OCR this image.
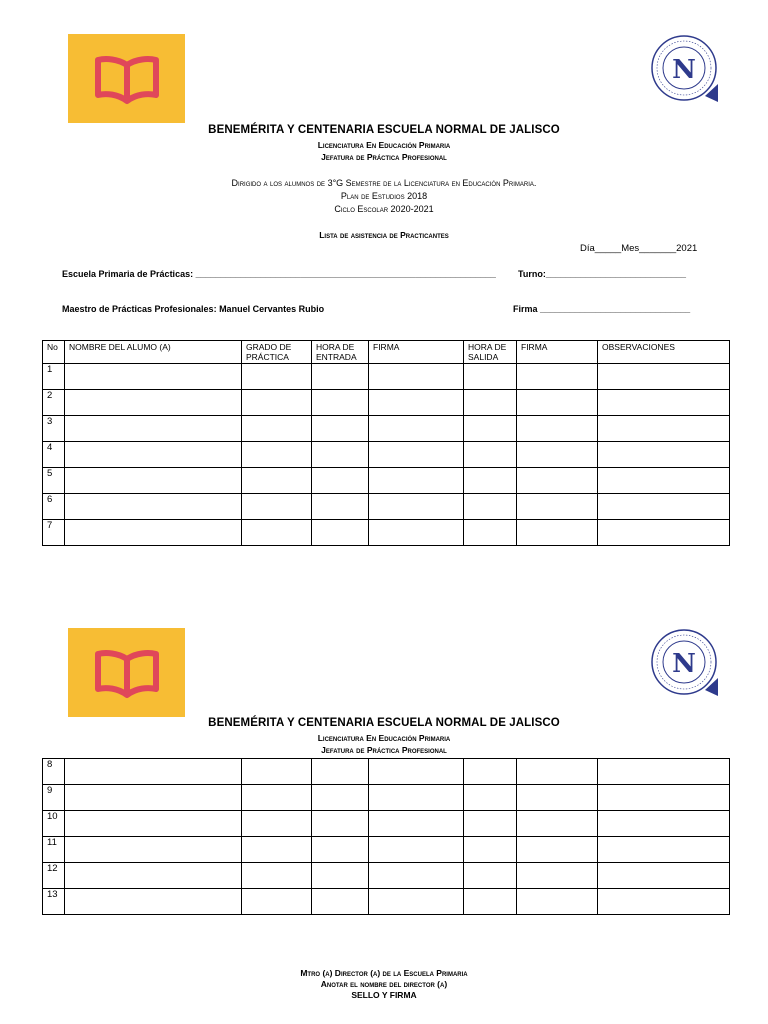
N
BENEMÉRITA Y CENTENARIA ESCUELA NORMAL DE JALISCO
Licenciatura En Educación Primaria
Jefatura de Práctica Profesional
Dirigido a los alumnos de 3°G Semestre de la Licenciatura en Educación Primaria.
Plan de Estudios 2018
Ciclo Escolar 2020-2021
Lista de asistencia de Practicantes
Día_____Mes_______2021
Escuela Primaria de Prácticas: ____________________________________________________________ Turno:____________________________
Maestro de Prácticas Profesionales: Manuel Cervantes Rubio	Firma ______________________________
No	NOMBRE DEL ALUMO (A)	GRADO DE PRÁCTICA	HORA DE ENTRADA	FIRMA	HORA DE SALIDA	FIRMA	OBSERVACIONES
1							
2							
3							
4							
5							
6							
7							
N
BENEMÉRITA Y CENTENARIA ESCUELA NORMAL DE JALISCO
Licenciatura En Educación Primaria
Jefatura de Práctica Profesional
8							
9							
10							
11							
12							
13							
Mtro (a) Director (a) de la Escuela Primaria
Anotar el nombre del director (a)
SELLO Y FIRMA
